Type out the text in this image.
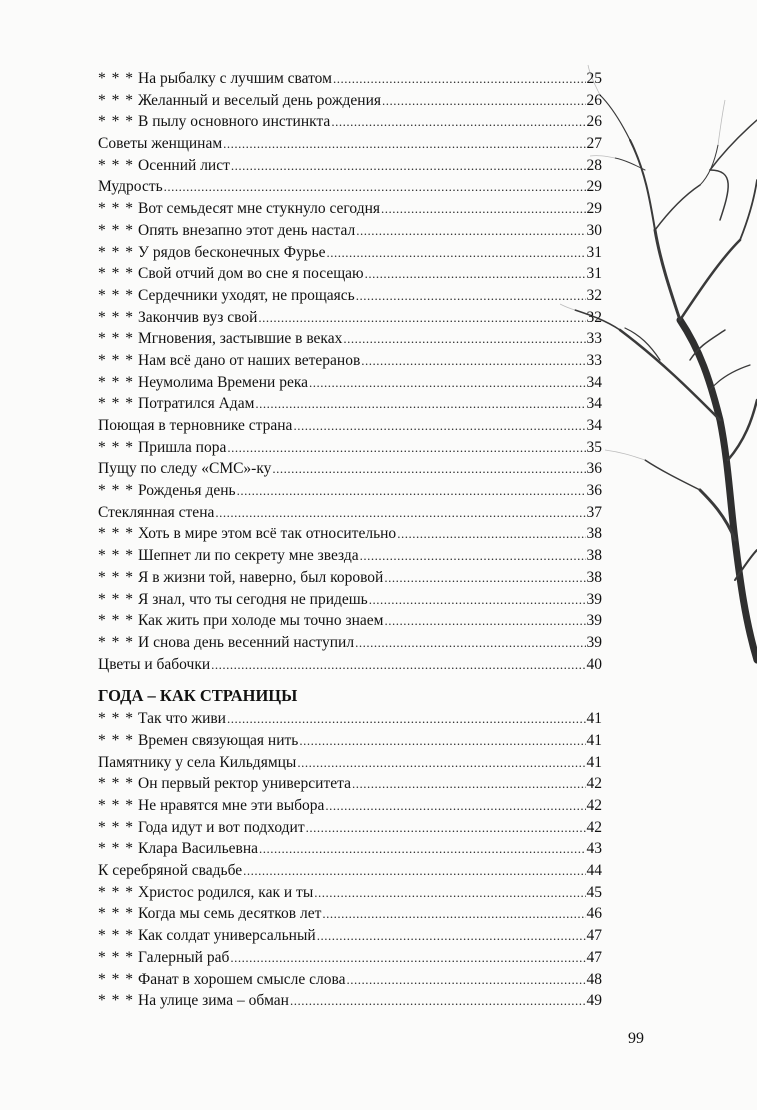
* * * На рыбалку с лучшим сватом .....	25
* * * Желанный и веселый день рождения .....	26
* * * В пылу основного инстинкта .....	26
Советы женщинам .....	27
* * * Осенний лист .....	28
Мудрость .....	29
* * * Вот семьдесят мне стукнуло сегодня .....	29
* * * Опять внезапно этот день настал .....	30
* * * У рядов бесконечных Фурье .....	31
* * * Свой отчий дом во сне я посещаю .....	31
* * * Сердечники уходят, не прощаясь .....	32
* * * Закончив вуз свой .....	32
* * * Мгновения, застывшие в веках .....	33
* * * Нам всё дано от наших ветеранов .....	33
* * * Неумолима Времени река .....	34
* * * Потратился Адам .....	34
Поющая в терновнике страна .....	34
* * * Пришла пора .....	35
Пущу по следу «СМС»-ку .....	36
* * * Рожденья день .....	36
Стеклянная стена .....	37
* * * Хоть в мире этом всё так относительно .....	38
* * * Шепнет ли по секрету мне звезда .....	38
* * * Я в жизни той, наверно, был коровой .....	38
* * * Я знал, что ты сегодня не придешь .....	39
* * * Как жить при холоде мы точно знаем .....	39
* * * И снова день весенний наступил .....	39
Цветы и бабочки .....	40
ГОДА – КАК СТРАНИЦЫ
* * * Так что живи .....	41
* * * Времен связующая нить .....	41
Памятнику у села Кильдямцы .....	41
* * * Он первый ректор университета .....	42
* * * Не нравятся мне эти выбора .....	42
* * * Года идут и вот подходит .....	42
* * * Клара Васильевна .....	43
К серебряной свадьбе .....	44
* * * Христос родился, как и ты .....	45
* * * Когда мы семь десятков лет .....	46
* * * Как солдат универсальный .....	47
* * * Галерный раб .....	47
* * * Фанат в хорошем смысле слова .....	48
* * * На улице зима – обман .....	49
99
